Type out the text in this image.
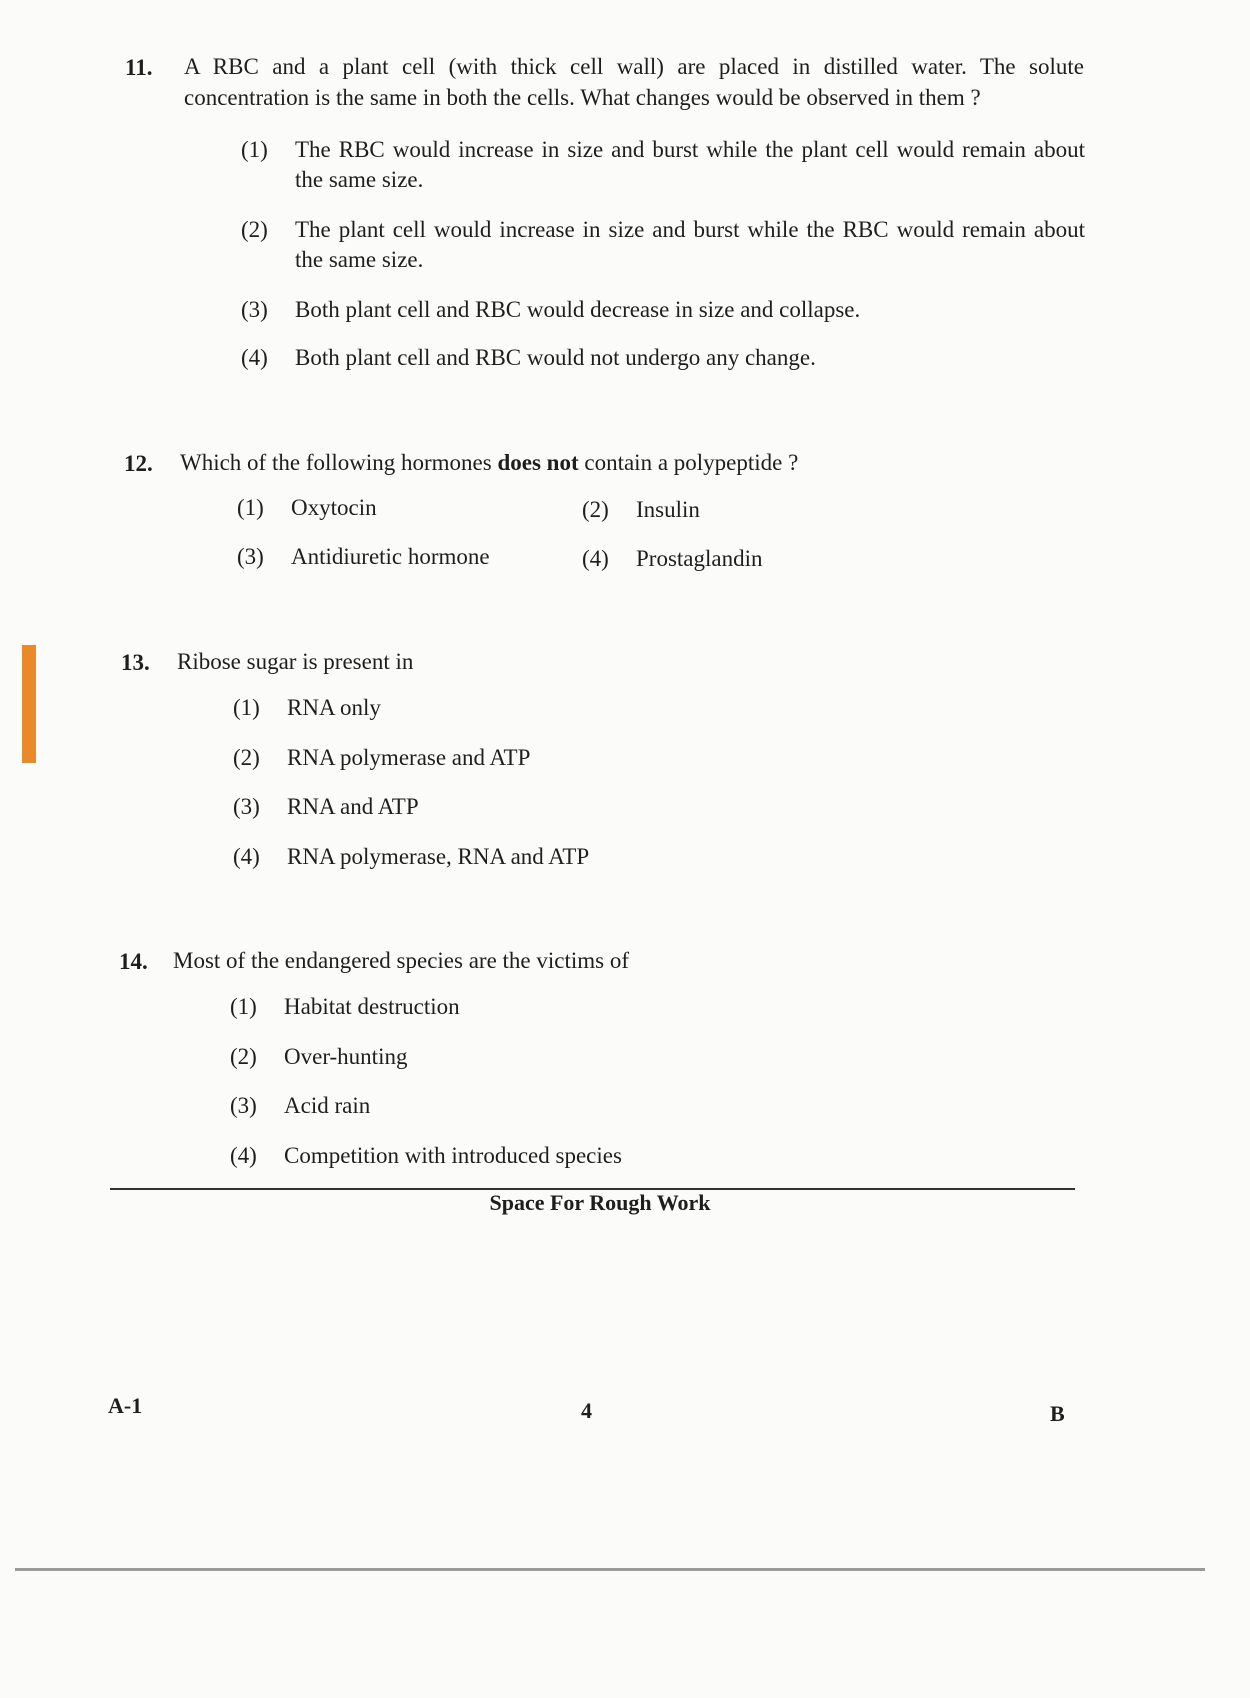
11. A RBC and a plant cell (with thick cell wall) are placed in distilled water. The solute concentration is the same in both the cells. What changes would be observed in them ?
(1) The RBC would increase in size and burst while the plant cell would remain about the same size.
(2) The plant cell would increase in size and burst while the RBC would remain about the same size.
(3) Both plant cell and RBC would decrease in size and collapse.
(4) Both plant cell and RBC would not undergo any change.
12. Which of the following hormones does not contain a polypeptide ?
(1) Oxytocin	(2) Insulin
(3) Antidiuretic hormone	(4) Prostaglandin
13. Ribose sugar is present in
(1) RNA only
(2) RNA polymerase and ATP
(3) RNA and ATP
(4) RNA polymerase, RNA and ATP
14. Most of the endangered species are the victims of
(1) Habitat destruction
(2) Over-hunting
(3) Acid rain
(4) Competition with introduced species
Space For Rough Work
A-1	4	B
